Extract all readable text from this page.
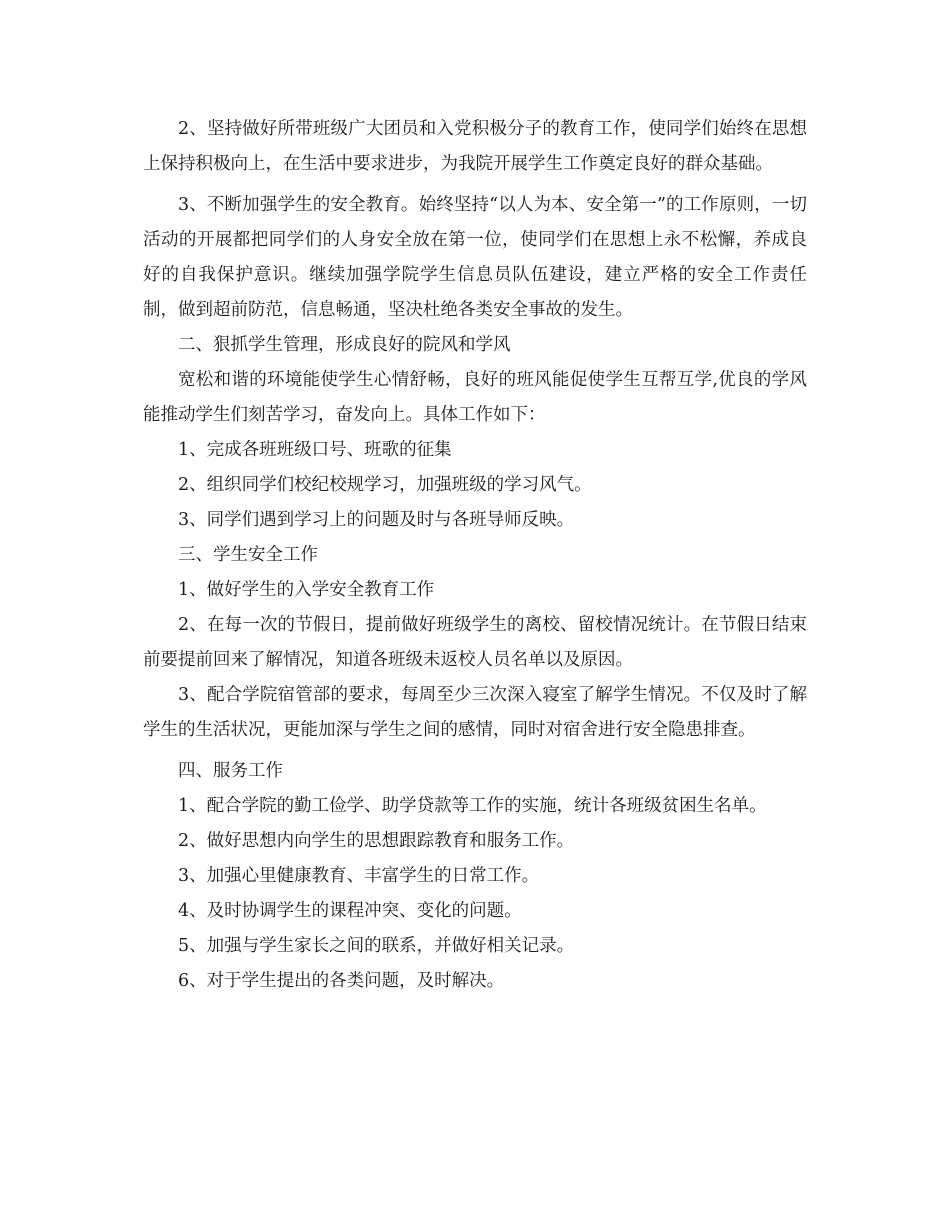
2、坚持做好所带班级广大团员和入党积极分子的教育工作，使同学们始终在思想上保持积极向上，在生活中要求进步，为我院开展学生工作奠定良好的群众基础。

3、不断加强学生的安全教育。始终坚持“以人为本、安全第一”的工作原则，一切活动的开展都把同学们的人身安全放在第一位，使同学们在思想上永不松懈，养成良好的自我保护意识。继续加强学院学生信息员队伍建设，建立严格的安全工作责任制，做到超前防范，信息畅通，坚决杜绝各类安全事故的发生。

二、狠抓学生管理，形成良好的院风和学风

宽松和谐的环境能使学生心情舒畅，良好的班风能促使学生互帮互学,优良的学风能推动学生们刻苦学习，奋发向上。具体工作如下：

1、完成各班班级口号、班歌的征集

2、组织同学们校纪校规学习，加强班级的学习风气。

3、同学们遇到学习上的问题及时与各班导师反映。

三、学生安全工作

1、做好学生的入学安全教育工作

2、在每一次的节假日，提前做好班级学生的离校、留校情况统计。在节假日结束前要提前回来了解情况，知道各班级未返校人员名单以及原因。

3、配合学院宿管部的要求，每周至少三次深入寝室了解学生情况。不仅及时了解学生的生活状况，更能加深与学生之间的感情，同时对宿舍进行安全隐患排查。

四、服务工作

1、配合学院的勤工俭学、助学贷款等工作的实施，统计各班级贫困生名单。

2、做好思想内向学生的思想跟踪教育和服务工作。

3、加强心里健康教育、丰富学生的日常工作。

4、及时协调学生的课程冲突、变化的问题。

5、加强与学生家长之间的联系，并做好相关记录。

6、对于学生提出的各类问题，及时解决。
